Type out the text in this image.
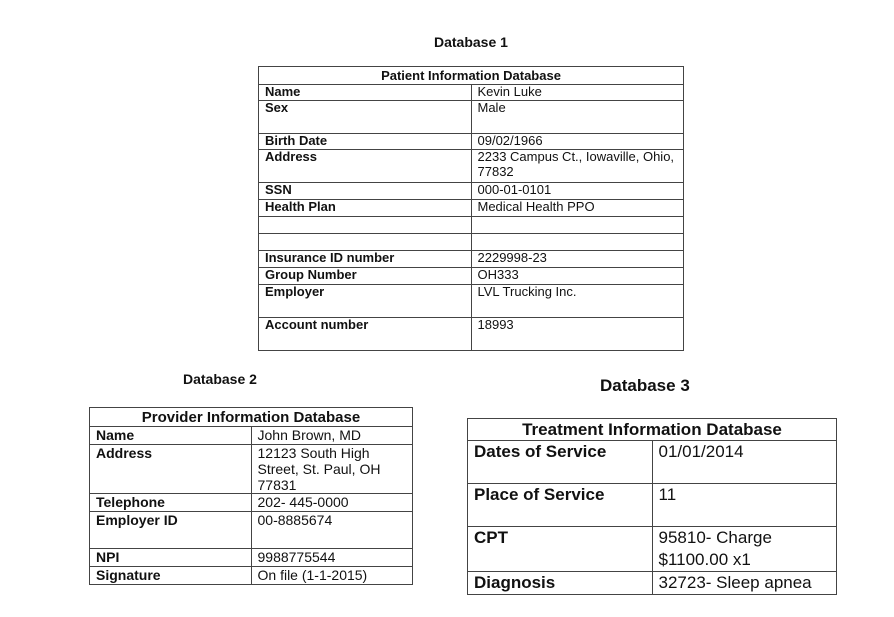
Database 1
Patient Information Database	
Name	Kevin Luke
Sex	Male
Birth Date	09/02/1966
Address	2233 Campus Ct., Iowaville, Ohio, 77832
SSN	000-01-0101
Health Plan	Medical Health PPO

Insurance ID number	2229998-23
Group Number	OH333
Employer	LVL Trucking Inc.
Account number	18993
Database 2
Provider Information Database	
Name	John Brown, MD
Address	12123 South High Street, St. Paul, OH 77831
Telephone	202- 445-0000
Employer ID	00-8885674
NPI	9988775544
Signature	On file (1-1-2015)
Database 3
Treatment Information Database	
Dates of Service	01/01/2014
Place of Service	11
CPT	95810- Charge $1100.00 x1
Diagnosis	32723- Sleep apnea
